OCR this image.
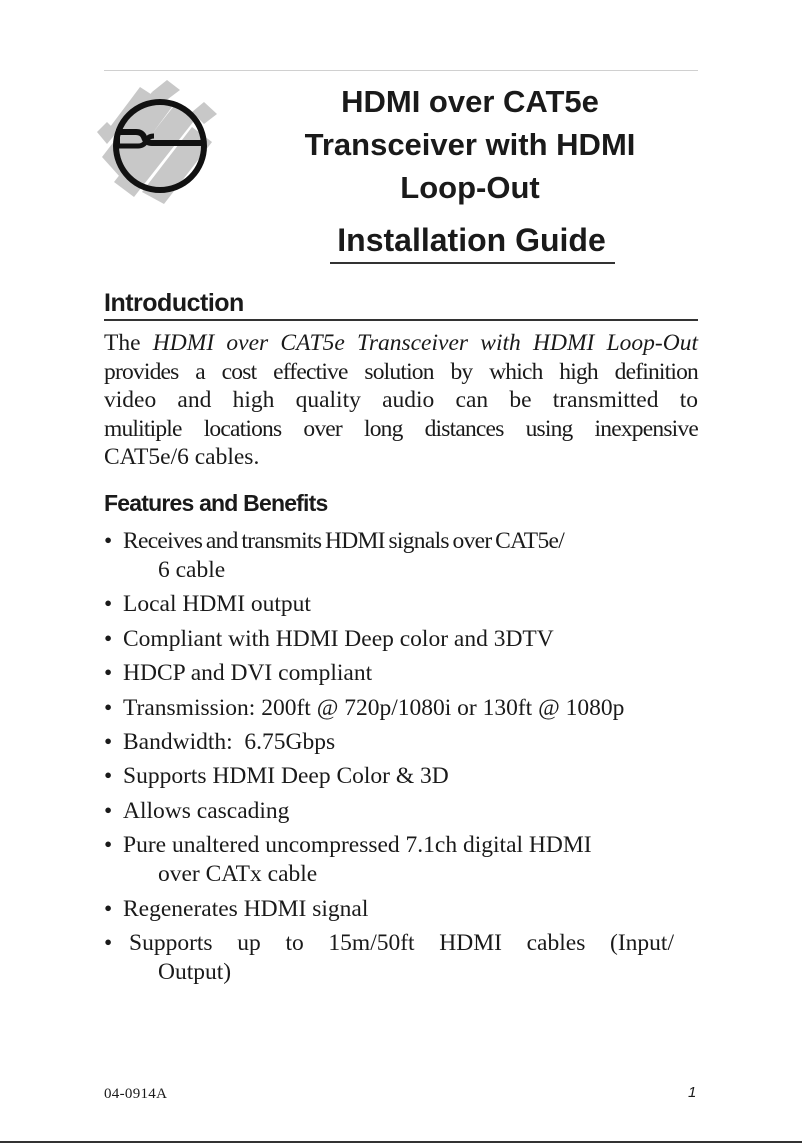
HDMI over CAT5e
Transceiver with HDMI
Loop-Out
Installation Guide
Introduction
The HDMI over CAT5e Transceiver with HDMI Loop-Out
provides a cost effective solution by which high definition
video and high quality audio can be transmitted to
mulitiple locations over long distances using inexpensive
CAT5e/6 cables.
Features and Benefits
• Receives and transmits HDMI signals over CAT5e/
6 cable
• Local HDMI output
• Compliant with HDMI Deep color and 3DTV
• HDCP and DVI compliant
• Transmission: 200ft @ 720p/1080i or 130ft @ 1080p
• Bandwidth:  6.75Gbps
• Supports HDMI Deep Color & 3D
• Allows cascading
• Pure unaltered uncompressed 7.1ch digital HDMI
over CATx cable
• Regenerates HDMI signal
• Supports up to 15m/50ft HDMI cables (Input/
Output)
04-0914A	1
